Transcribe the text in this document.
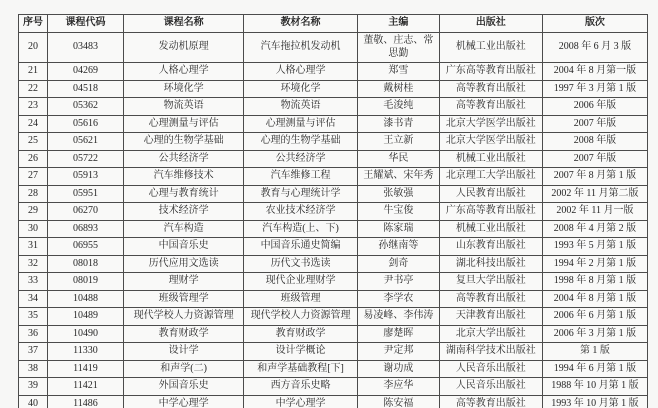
序号	课程代码	课程名称	教材名称	主编	出版社	版次
20	03483	发动机原理	汽车拖拉机发动机	董敬、庄志、常思勤	机械工业出版社	2008 年 6 月 3 版
21	04269	人格心理学	人格心理学	郑雪	广东高等教育出版社	2004 年 8 月第一版
22	04518	环境化学	环境化学	戴树桂	高等教育出版社	1997 年 3 月第 1 版
23	05362	物流英语	物流英语	毛浚纯	高等教育出版社	2006 年版
24	05616	心理测量与评估	心理测量与评估	漆书青	北京大学医学出版社	2007 年版
25	05621	心理的生物学基础	心理的生物学基础	王立新	北京大学医学出版社	2008 年版
26	05722	公共经济学	公共经济学	华民	机械工业出版社	2007 年版
27	05913	汽车维修技术	汽车维修工程	王耀斌、宋年秀	北京理工大学出版社	2007 年 8 月第 1 版
28	05951	心理与教育统计	教育与心理统计学	张敏强	人民教育出版社	2002 年 11 月第二版
29	06270	技术经济学	农业技术经济学	牛宝俊	广东高等教育出版社	2002 年 11 月一版
30	06893	汽车构造	汽车构造(上、下)	陈家瑞	机械工业出版社	2008 年 4 月第 2 版
31	06955	中国音乐史	中国音乐通史简编	孙继南等	山东教育出版社	1993 年 5 月第 1 版
32	08018	历代应用文选读	历代文书选读	剑奇	湖北科技出版社	1994 年 2 月第 1 版
33	08019	理财学	现代企业理财学	尹书亭	复旦大学出版社	1998 年 8 月第 1 版
34	10488	班级管理学	班级管理	李学农	高等教育出版社	2004 年 8 月第 1 版
35	10489	现代学校人力资源管理	现代学校人力资源管理	易凌峰、李伟涛	天津教育出版社	2006 年 6 月第 1 版
36	10490	教育财政学	教育财政学	廖楚晖	北京大学出版社	2006 年 3 月第 1 版
37	11330	设计学	设计学概论	尹定邦	湖南科学技术出版社	第 1 版
38	11419	和声学(二)	和声学基础教程[下]	谢功成	人民音乐出版社	1994 年 6 月第 1 版
39	11421	外国音乐史	西方音乐史略	李应华	人民音乐出版社	1988 年 10 月第 1 版
40	11486	中学心理学	中学心理学	陈安福	高等教育出版社	1993 年 10 月第 1 版
